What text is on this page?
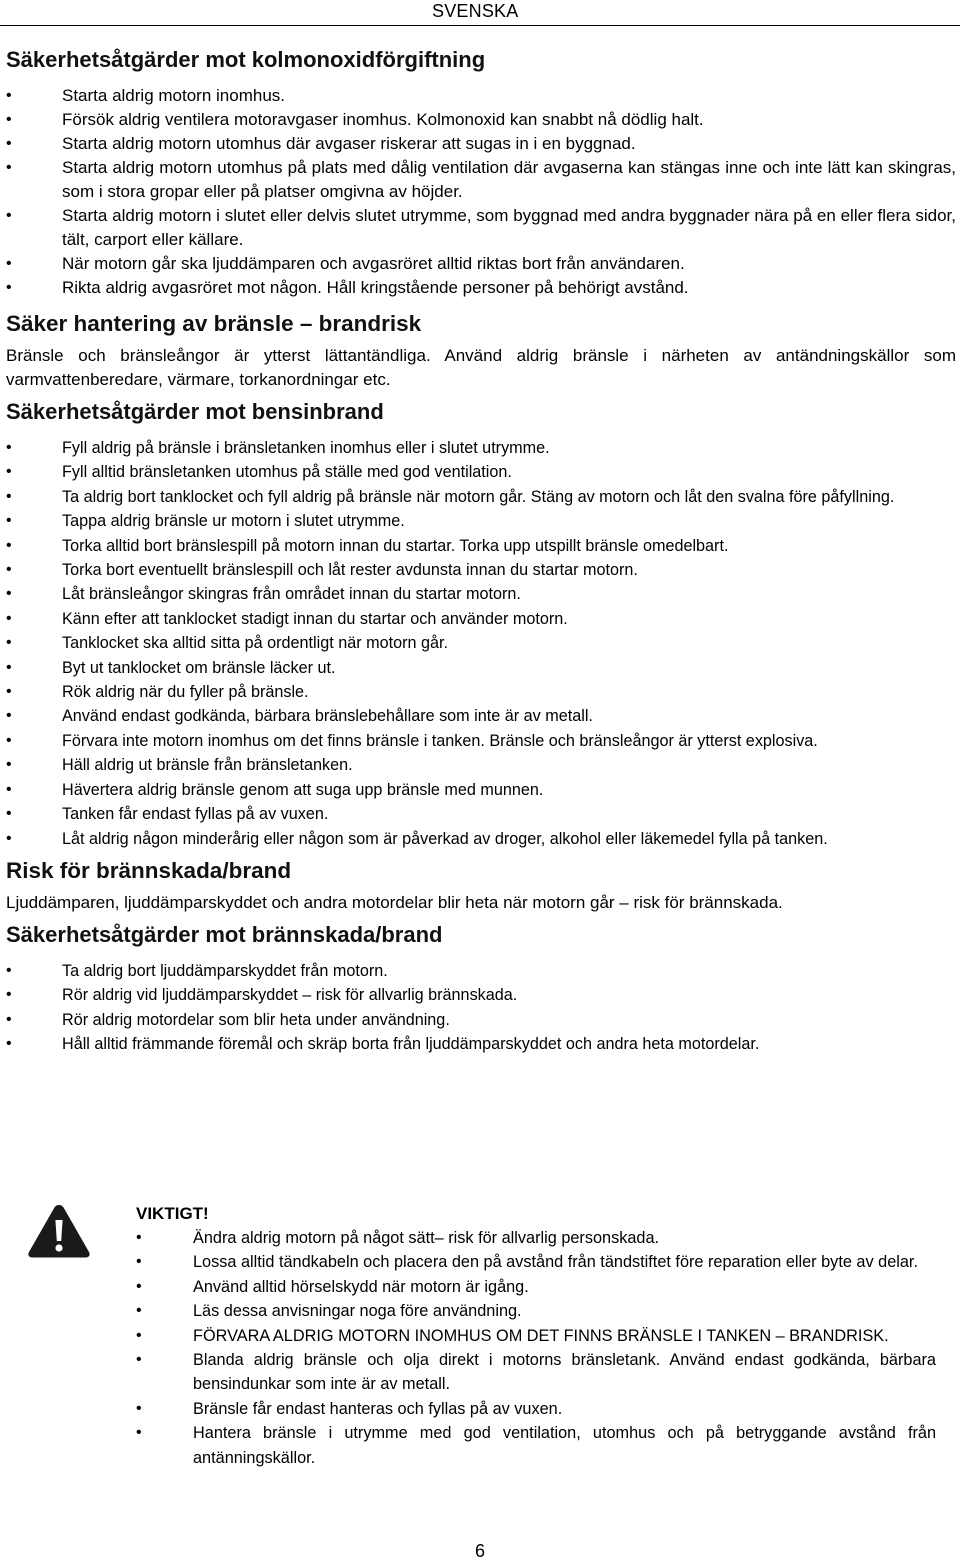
SVENSKA
Säkerhetsåtgärder mot kolmonoxidförgiftning
• Starta aldrig motorn inomhus.
• Försök aldrig ventilera motoravgaser inomhus. Kolmonoxid kan snabbt nå dödlig halt.
• Starta aldrig motorn utomhus där avgaser riskerar att sugas in i en byggnad.
• Starta aldrig motorn utomhus på plats med dålig ventilation där avgaserna kan stängas inne och inte lätt kan skingras, som i stora gropar eller på platser omgivna av höjder.
• Starta aldrig motorn i slutet eller delvis slutet utrymme, som byggnad med andra byggnader nära på en eller flera sidor, tält, carport eller källare.
• När motorn går ska ljuddämparen och avgasröret alltid riktas bort från användaren.
• Rikta aldrig avgasröret mot någon. Håll kringstående personer på behörigt avstånd.
Säker hantering av bränsle – brandrisk

Bränsle och bränsleångor är ytterst lättantändliga. Använd aldrig bränsle i närheten av antändningskällor som varmvattenberedare, värmare, torkanordningar etc.

Säkerhetsåtgärder mot bensinbrand
• Fyll aldrig på bränsle i bränsletanken inomhus eller i slutet utrymme.
• Fyll alltid bränsletanken utomhus på ställe med god ventilation.
• Ta aldrig bort tanklocket och fyll aldrig på bränsle när motorn går. Stäng av motorn och låt den svalna före påfyllning.
• Tappa aldrig bränsle ur motorn i slutet utrymme.
• Torka alltid bort bränslespill på motorn innan du startar. Torka upp utspillt bränsle omedelbart.
• Torka bort eventuellt bränslespill och låt rester avdunsta innan du startar motorn.
• Låt bränsleångor skingras från området innan du startar motorn.
• Känn efter att tanklocket stadigt innan du startar och använder motorn.
• Tanklocket ska alltid sitta på ordentligt när motorn går.
• Byt ut tanklocket om bränsle läcker ut.
• Rök aldrig när du fyller på bränsle.
• Använd endast godkända, bärbara bränslebehållare som inte är av metall.
• Förvara inte motorn inomhus om det finns bränsle i tanken. Bränsle och bränsleångor är ytterst explosiva.
• Häll aldrig ut bränsle från bränsletanken.
• Hävertera aldrig bränsle genom att suga upp bränsle med munnen.
• Tanken får endast fyllas på av vuxen.
• Låt aldrig någon minderårig eller någon som är påverkad av droger, alkohol eller läkemedel fylla på tanken.
Risk för brännskada/brand

Ljuddämparen, ljuddämparskyddet och andra motordelar blir heta när motorn går – risk för brännskada.

Säkerhetsåtgärder mot brännskada/brand
• Ta aldrig bort ljuddämparskyddet från motorn.
• Rör aldrig vid ljuddämparskyddet – risk för allvarlig brännskada.
• Rör aldrig motordelar som blir heta under användning.
• Håll alltid främmande föremål och skräp borta från ljuddämparskyddet och andra heta motordelar.
VIKTIGT!
• Ändra aldrig motorn på något sätt– risk för allvarlig personskada.
• Lossa alltid tändkabeln och placera den på avstånd från tändstiftet före reparation eller byte av delar.
• Använd alltid hörselskydd när motorn är igång.
• Läs dessa anvisningar noga före användning.
• FÖRVARA ALDRIG MOTORN INOMHUS OM DET FINNS BRÄNSLE I TANKEN – BRANDRISK.
• Blanda aldrig bränsle och olja direkt i motorns bränsletank. Använd endast godkända, bärbara bensindunkar som inte är av metall.
• Bränsle får endast hanteras och fyllas på av vuxen.
• Hantera bränsle i utrymme med god ventilation, utomhus och på betryggande avstånd från antänningskällor.
6
